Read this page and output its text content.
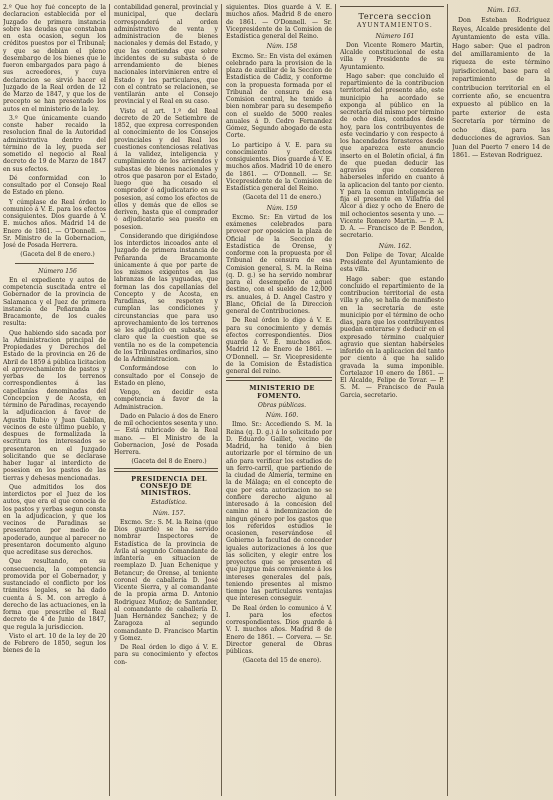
2.º Que hoy fué concepto de la declaracion establecida por el Juzgado de primera instancia sobre las deudas que constaban en esta ocasion, segun los créditos puestos por el Tribunal; y que se debian el pleno desembargo de los bienes que le fueron embargados para pago á sus acreedores, y cuya declaracion se sirvió hacer el Juzgado de la Real orden de 12 de Marzo de 1847, y que los de precepto se han presentado los autos en el ministerio de la ley.

3.º Que únicamente cuando conste haber recaido la resolucion final de la Autoridad administrativa dentro del término de la ley, pueda ser sometido el negocio al Real decreto de 19 de Marzo de 1847 en sus efectos.

Dé conformidad con lo consultado por el Consejo Real de Estado en pleno.

Y cúmplase de Real órden lo comunico á V. E. para los efectos consiguientes. Dios guarde á V. E. muchos años. Madrid 14 de Enero de 1861. — O'Donnell. — Sr. Ministro de la Gobernacion, José de Posada Herrera.

(Gaceta del 8 de enero.)

Número 156

En el expediente y autos de competencia suscitada entre el Gobernador de la provincia de Salamanca y el Juez de primera instancia de Peñaranda de Bracamonte, de los cuales resulta:

Que habiendo sido sacada por la Administracion principal de Propiedades y Derechos del Estado de la provincia en 26 de Abril de 1859 á pública licitacion el aprovechamiento de pastos y yerbas de los terrenos correspondientes á las capellanías denominadas del Concepcion y de Acosta, en término de Paradinas, recayendo la adjudicacion á favor de Agustin Rubio y Juan Gabilan, vecinos de este último pueblo, y despues de formalizada la escritura los interesados se presentaron en el Juzgado solicitando que se declarase haber lugar al interdicto de posesion en los pastos de las tierras y dehesas mencionadas.

Que admitidos los dos interdictos por el Juez de los autos, que era el que conocia de los pastos y yerbas segun consta en la adjudicacion, y que los vecinos de Paradinas se presentaron por medio de apoderado, aunque al parecer no presentaron documento alguno que acreditase sus derechos.

Que resultando, en su consecuencia, la competencia promovida por el Gobernador, y sustanciado el conflicto por los trámites legales, se ha dado cuenta á S. M. con arreglo á derecho de las actuaciones, en la forma que prescribe el Real decreto de 4 de Junio de 1847, que regula la jurisdiccion.

Visto el art. 10 de la ley de 20 de Febrero de 1850, segun los bienes de la

contabilidad general, provincial y municipal, que declara corresponderá al orden administrativo de venta y administracion de bienes nacionales y demás del Estado, y que las contiendas que sobre incidentes de su subasta ó de arrendamiento de bienes nacionales intervinieren entre el Estado y los particulares, que con el contrato se relacionen, se ventilarán ante el Consejo provincial y el Real en su caso.

Visto el art. 1.º del Real decreto de 20 de Setiembre de 1852, que expresa corresponden al conocimiento de los Consejos provinciales y del Real los cuestiones contenciosas relativas á la validez, inteligencia y cumplimiento de los arriendos y subastas de bienes nacionales y otros que pasaron por el Estado, luego que ha cesado el comprador ó adjudicatario en su posesion, así como los efectos de ellos y demás que de ellos se deriven, hasta que el comprador ó adjudicatario sea puesto en posesion.

Considerando que dirigiéndose los interdictos incoados ante el Juzgado de primera instancia de Peñaranda de Bracamonte únicamente á que por parte de los mismos exigentes en las labranzas de las yuguadas, que forman las dos capellanías del Concepto y de Acosta, en Paradinas, se respeten y cumplan las condiciones y circunstancias que para uso aprovechamiento de los terrenos se les adjudicó en subasta, es claro que la cuestion que se ventila no es de la competencia de los Tribunales ordinarios, sino de la Administracion.

Conformándose con lo consultado por el Consejo de Estado en pleno,

Vengo, en decidir esta competencia á favor de la Administracion.

Dado en Palacio á dos de Enero de mil ochocientos sesenta y uno. — Está rubricado de la Real mano. — El Ministro de la Gobernacion, José de Posada Herrera.

(Gaceta del 8 de Enero.)

PRESIDENCIA DEL CONSEJO DE MINISTROS.

Estadística.

Núm. 157.

Excmo. Sr.: S. M. la Reina (que Dios guarde) se ha servido nombrar Inspectores de Estadística de la provincia de Ávila al segundo Comandante de infantería en situacion de reemplazo D. Juan Echenique y Betancur; de Orense, al teniente coronel de caballería D. José Vicente Sierra, y al comandante de la propia arma D. Antonio Rodriguez Muñoz; de Santander, al comandante de caballería D. Juan Hernández Sanchez; y de Zaragoza al segundo comandante D. Francisco Martin y Gomez.

De Real órden lo digo á V. E. para su conocimiento y efectos con-

siguientes. Dios guarde á V. E. muchos años. Madrid 8 de enero de 1861. — O'Donnell. — Sr. Vicepresidente de la Comision de Estadística general del Reino.

Núm. 158

Excmo. Sr.: En vista del exámen celebrado para la provision de la plaza de auxiliar de la Seccion de Estadística de Cádiz, y conforme con la propuesta formada por el Tribunal de censura de esa Comision central, he tenido á bien nombrar para su desempeño con el sueldo de 5000 reales anuales á D. Cedro Fernandez Gómez, Segundo abogado de esta Corte.

Lo participo á V. E. para su conocimiento y efectos consiguientes. Dios guarde á V. E. muchos años. Madrid 10 de enero de 1861. — O'Donnell. — Sr. Vicepresidente de la Comision de Estadística general del Reino.

(Gaceta del 11 de enero.)

Núm. 159

Excmo. Sr.: En virtud de los exámenes celebrados para proveer por oposicion la plaza de Oficial de la Seccion de Estadística de Orense, y conforme con la propuesta por el Tribunal de censura de esa Comision general, S. M. la Reina (q. D. g.) se ha servido nombrar para el desempeño de aquel destino, con el sueldo de 12,000 rs. anuales, á D. Angel Castro y Blanc, Oficial de la Direccion general de Contribuciones.

De Real órden lo digo á V. E. para su conocimiento y demás efectos correspondientes. Dios guarde á V. E. muchos años. Madrid 12 de Enero de 1861. — O'Donnell. — Sr. Vicepresidente de la Comision de Estadística general del reino.

MINISTERIO DE FOMENTO.

Obras públicas.

Núm. 160.

Ilmo. Sr.: Accediendo S. M. la Reina (q. D. g.) á lo solicitado por D. Eduardo Gaillet, vecino de Madrid, ha tenido á bien autorizarle por el término de un año para verificar los estudios de un ferro-carril, que partiendo de la ciudad de Almería, termine en la de Málaga; en el concepto de que por esta autorizacion no se confiere derecho alguno al interesado á la concesion del camino ni á indemnizacion de ningun género por los gastos que los referidos estudios le ocasionen, reservándose el Gobierno la facultad de conceder iguales autorizaciones á los que las soliciten, y elegir entre los proyectos que se presenten el que juzgue más conveniente á los intereses generales del país, teniendo presentes al mismo tiempo las particulares ventajas que interesen conseguir.

De Real órden lo comunico á V. I. para los efectos correspondientes. Dios guarde á V. I. muchos años. Madrid 8 de Enero de 1861. — Corvera. — Sr. Director general de Obras públicas.

(Gaceta del 15 de enero).

Tercera seccion

AYUNTAMIENTOS.

Número 161

Don Vicente Romero Martin, Alcalde constitucional de esta villa y Presidente de su Ayuntamiento.

Hago saber: que concluido el repartimiento de la contribucion territorial del presente año, este municipio ha acordado se exponga al público en la secretaría del mismo por término de ocho dias, contados desde hoy, para los contribuyentes de este vecindario y con respecto á los hacendados forasteros desde que aparezca este anuncio inserto en el Boletín oficial, á fin de que puedan deducir las agravios que consideren haberseles inferido en cuanto á la aplicacion del tanto por ciento. Y para la comun inteligencia se fija el presente en Villafría del Alcor á diez y ocho de Enero de mil ochocientos sesenta y uno. — Vicente Romero Martin. — P. A. D. A. — Francisco de P. Bendon, secretario.

Núm. 162.

Don Felipe de Tovar, Alcalde Presidente del Ayuntamiento de esta villa.

Hago saber: que estando concluido el repartimiento de la contribucion territorial de esta villa y año, se halla de manifiesto en la secretaría de este municipio por el término de ocho dias, para que los contribuyentes puedan enterarse y deducir en el expresado término cualquier agravio que sientan habérseles inferido en la aplicacion del tanto por ciento á que ha salido gravada la suma imponible. Cortelazor 10 enero de 1861. — El Alcalde, Felipe de Tovar. — P. S. M. — Francisco de Paula Garcia, secretario.

Núm. 163.

Don Esteban Rodriguez Reyes, Alcalde presidente del Ayuntamiento de esta villa. Hago saber: Que el padron del amillaramiento de la riqueza de este término jurisdiccional, base para el repartimiento de la contribucion territorial en el corriente año, se encuentra expuesto al público en la parte exterior de esta Secretaría por término de ocho dias, para las deducciones de agravios. San Juan del Puerto 7 enero 14 de 1861. — Estevan Rodriguez.
